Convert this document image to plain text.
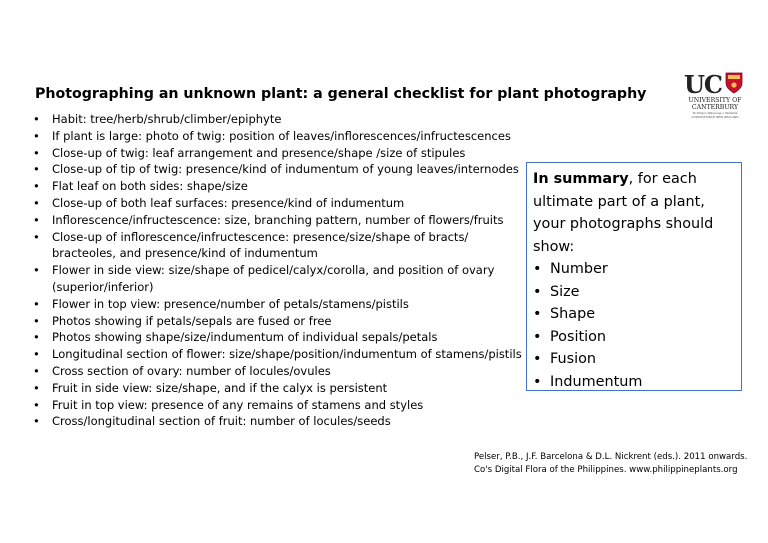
Photographing an unknown plant: a general checklist for plant photography
• Habit: tree/herb/shrub/climber/epiphyte
• If plant is large: photo of twig: position of leaves/inflorescences/infructescences
• Close-up of twig: leaf arrangement and presence/shape /size of stipules
• Close-up of tip of twig: presence/kind of indumentum of young leaves/internodes
• Flat leaf on both sides: shape/size
• Close-up of both leaf surfaces: presence/kind of indumentum
• Inflorescence/infructescence: size, branching pattern, number of flowers/fruits
• Close-up of inflorescence/infructescence: presence/size/shape of bracts/ bracteoles, and presence/kind of indumentum
• Flower in side view: size/shape of pedicel/calyx/corolla, and position of ovary (superior/inferior)
• Flower in top view: presence/number of petals/stamens/pistils
• Photos showing if petals/sepals are fused or free
• Photos showing shape/size/indumentum of individual sepals/petals
• Longitudinal section of flower: size/shape/position/indumentum of stamens/pistils
• Cross section of ovary: number of locules/ovules
• Fruit in side view: size/shape, and if the calyx is persistent
• Fruit in top view: presence of any remains of stamens and styles
• Cross/longitudinal section of fruit: number of locules/seeds
UC
UNIVERSITY OF
CANTERBURY
Te Whare Wānanga o Waitaha
CHRISTCHURCH NEW ZEALAND

In summary, for each ultimate part of a plant, your photographs should show:

• Number
• Size
• Shape
• Position
• Fusion
• Indumentum
Pelser, P.B., J.F. Barcelona & D.L. Nickrent (eds.). 2011 onwards.
Co's Digital Flora of the Philippines. www.philippineplants.org
